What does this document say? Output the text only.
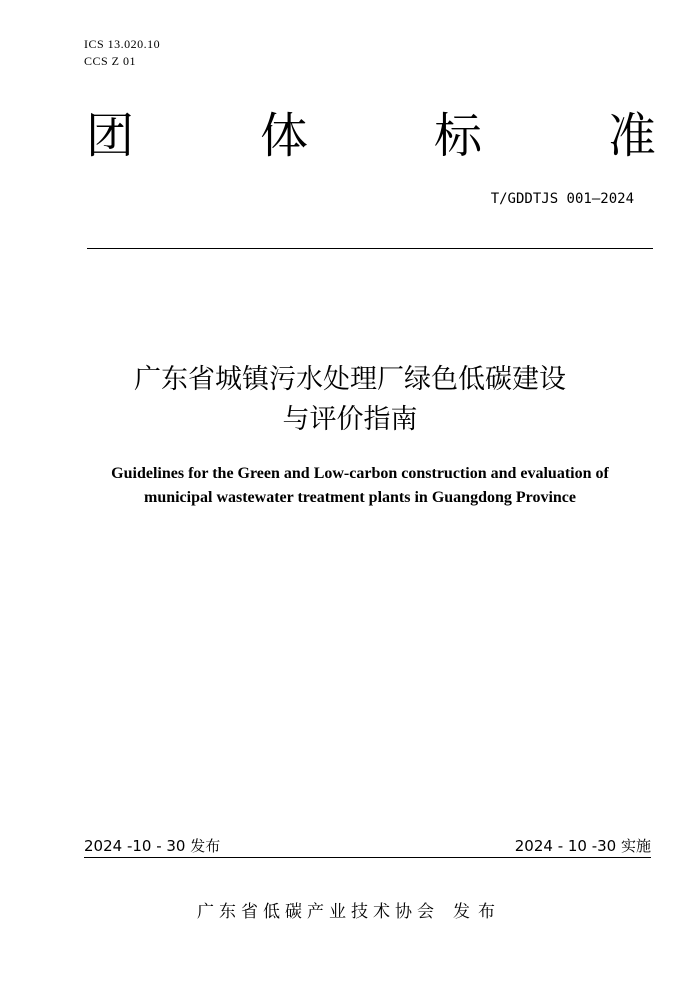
ICS 13.020.10
CCS Z 01
团	体	标	准
T/GDDTJS 001—2024
广东省城镇污水处理厂绿色低碳建设
与评价指南
Guidelines for the Green and Low-carbon construction and evaluation of
municipal wastewater treatment plants in Guangdong Province
2024 -10 - 30 发布	2024 - 10 -30 实施
广东省低碳产业技术协会 发布
